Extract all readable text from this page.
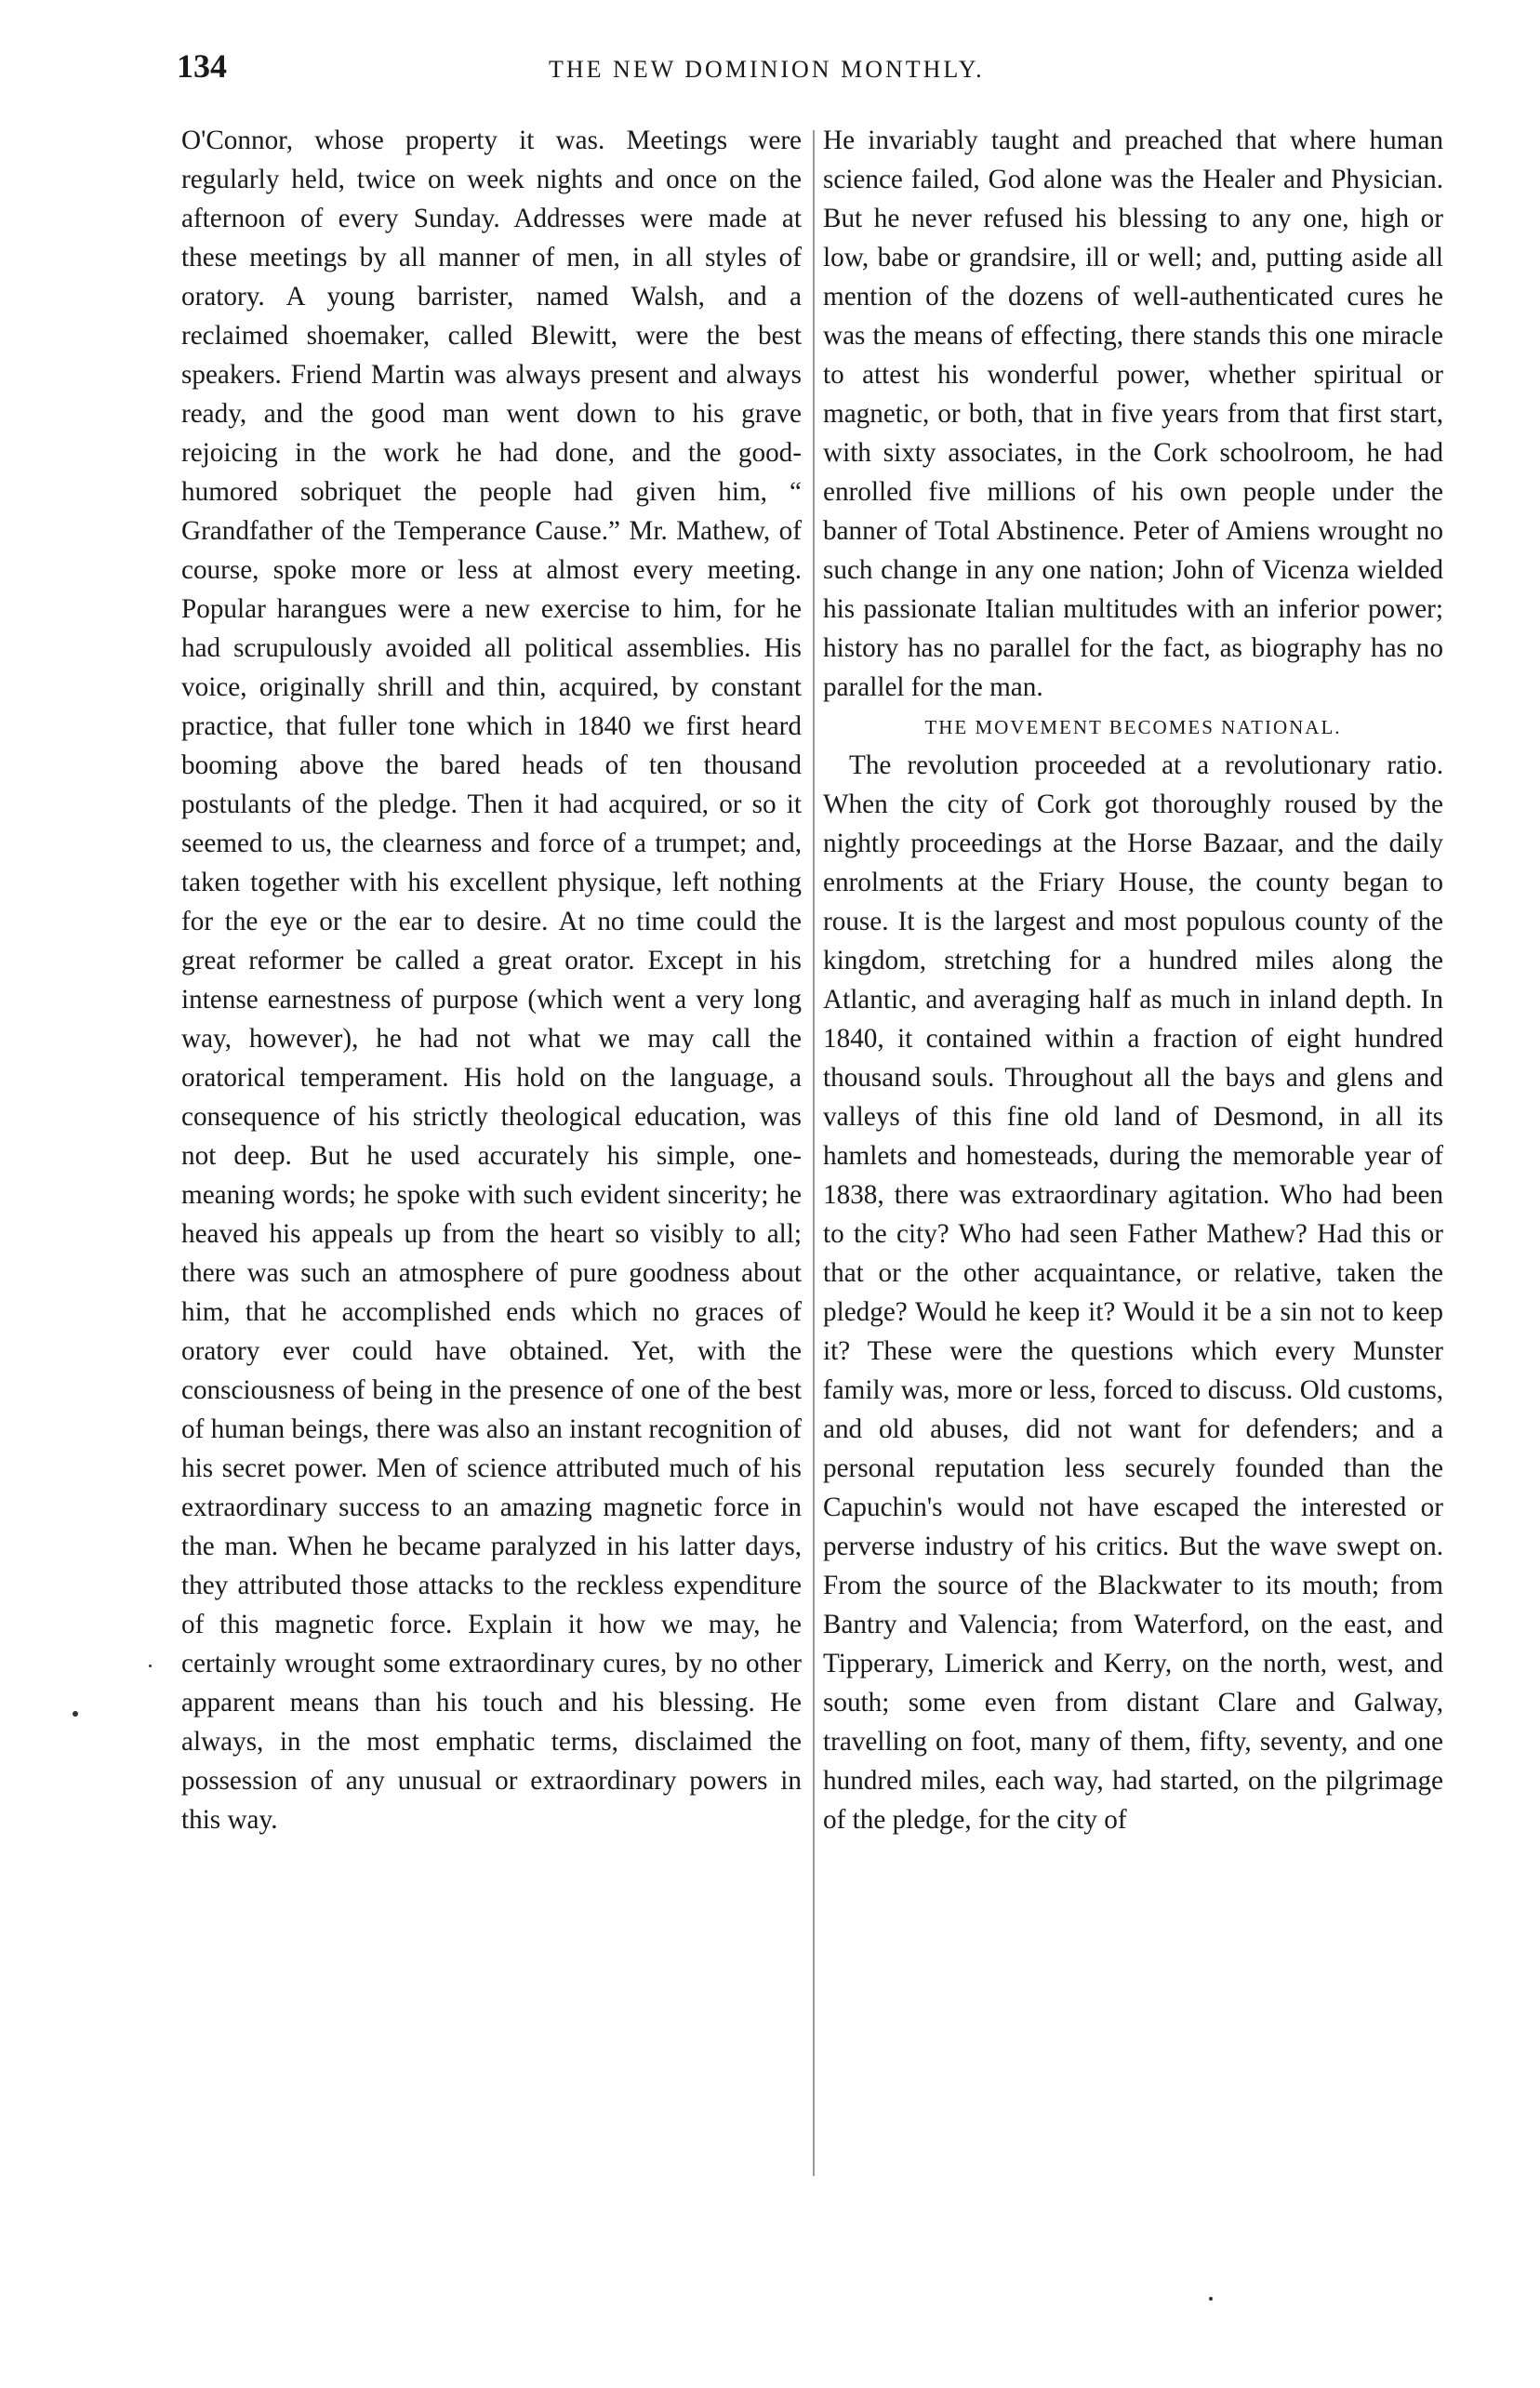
134	THE NEW DOMINION MONTHLY.

O'Connor, whose property it was. Meetings were regularly held, twice on week nights and once on the afternoon of every Sunday. Addresses were made at these meetings by all manner of men, in all styles of oratory. A young barrister, named Walsh, and a reclaimed shoemaker, called Blewitt, were the best speakers. Friend Martin was always present and always ready, and the good man went down to his grave rejoicing in the work he had done, and the good-humored sobriquet the people had given him, “ Grandfather of the Temperance Cause.” Mr. Mathew, of course, spoke more or less at almost every meeting. Popular harangues were a new exercise to him, for he had scrupulously avoided all political assemblies. His voice, originally shrill and thin, acquired, by constant practice, that fuller tone which in 1840 we first heard booming above the bared heads of ten thousand postulants of the pledge. Then it had acquired, or so it seemed to us, the clearness and force of a trumpet; and, taken together with his excellent physique, left nothing for the eye or the ear to desire. At no time could the great reformer be called a great orator. Except in his intense earnestness of purpose (which went a very long way, however), he had not what we may call the oratorical temperament. His hold on the language, a consequence of his strictly theological education, was not deep. But he used accurately his simple, one-meaning words; he spoke with such evident sincerity; he heaved his appeals up from the heart so visibly to all; there was such an atmosphere of pure goodness about him, that he accomplished ends which no graces of oratory ever could have obtained. Yet, with the consciousness of being in the presence of one of the best of human beings, there was also an instant recognition of his secret power. Men of science attributed much of his extraordinary success to an amazing magnetic force in the man. When he became paralyzed in his latter days, they attributed those attacks to the reckless expenditure of this magnetic force. Explain it how we may, he certainly wrought some extraordinary cures, by no other apparent means than his touch and his blessing. He always, in the most emphatic terms, disclaimed the possession of any unusual or extraordinary powers in this way.

He invariably taught and preached that where human science failed, God alone was the Healer and Physician. But he never refused his blessing to any one, high or low, babe or grandsire, ill or well; and, putting aside all mention of the dozens of well-authenticated cures he was the means of effecting, there stands this one miracle to attest his wonderful power, whether spiritual or magnetic, or both, that in five years from that first start, with sixty associates, in the Cork schoolroom, he had enrolled five millions of his own people under the banner of Total Abstinence. Peter of Amiens wrought no such change in any one nation; John of Vicenza wielded his passionate Italian multitudes with an inferior power; history has no parallel for the fact, as biography has no parallel for the man.

THE MOVEMENT BECOMES NATIONAL.

The revolution proceeded at a revolutionary ratio. When the city of Cork got thoroughly roused by the nightly proceedings at the Horse Bazaar, and the daily enrolments at the Friary House, the county began to rouse. It is the largest and most populous county of the kingdom, stretching for a hundred miles along the Atlantic, and averaging half as much in inland depth. In 1840, it contained within a fraction of eight hundred thousand souls. Throughout all the bays and glens and valleys of this fine old land of Desmond, in all its hamlets and homesteads, during the memorable year of 1838, there was extraordinary agitation. Who had been to the city? Who had seen Father Mathew? Had this or that or the other acquaintance, or relative, taken the pledge? Would he keep it? Would it be a sin not to keep it? These were the questions which every Munster family was, more or less, forced to discuss. Old customs, and old abuses, did not want for defenders; and a personal reputation less securely founded than the Capuchin's would not have escaped the interested or perverse industry of his critics. But the wave swept on. From the source of the Blackwater to its mouth; from Bantry and Valencia; from Waterford, on the east, and Tipperary, Limerick and Kerry, on the north, west, and south; some even from distant Clare and Galway, travelling on foot, many of them, fifty, seventy, and one hundred miles, each way, had started, on the pilgrimage of the pledge, for the city of
